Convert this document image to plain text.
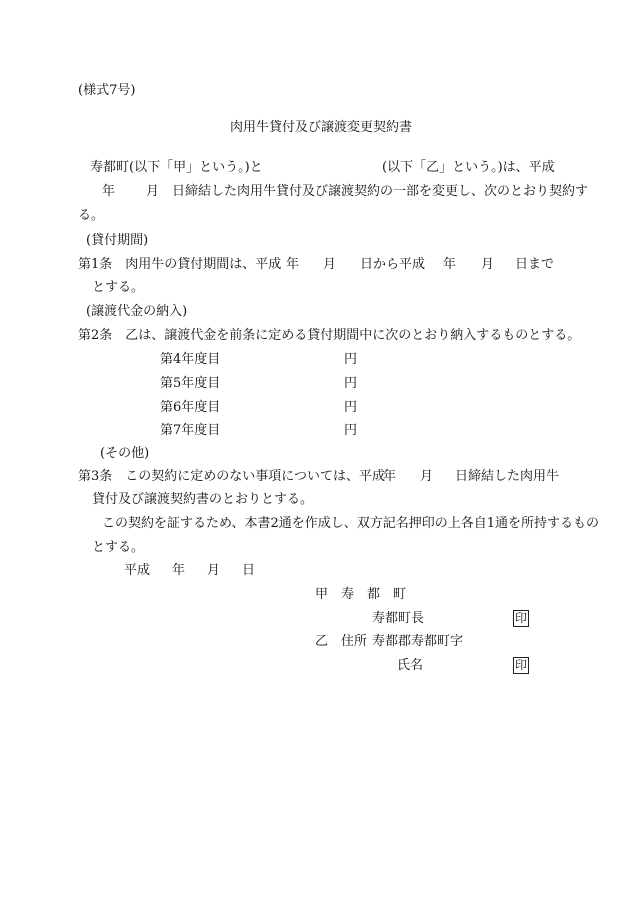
(様式7号)
肉用牛貸付及び譲渡変更契約書
寿都町(以下「甲」という。)と	(以下「乙」という。)は、平成
年 月 日締結した肉用牛貸付及び譲渡契約の一部を変更し、次のとおり契約す
る。
(貸付期間)
第1条　肉用牛の貸付期間は、平成 年 月 日から平成 年 月 日まで
とする。
(譲渡代金の納入)
第2条　乙は、譲渡代金を前条に定める貸付期間中に次のとおり納入するものとする。
第4年度目	円
第5年度目	円
第6年度目	円
第7年度目	円
(その他)
第3条　この契約に定めのない事項については、平成
年 月 日締結した肉用牛
貸付及び譲渡契約書のとおりとする。
この契約を証するため、本書2通を作成し、双方記名押印の上各自1通を所持するもの
とする。
平成 年 月 日
甲　寿　都　町
寿都町長	印
乙　住所 寿都郡寿都町字
氏名	印
